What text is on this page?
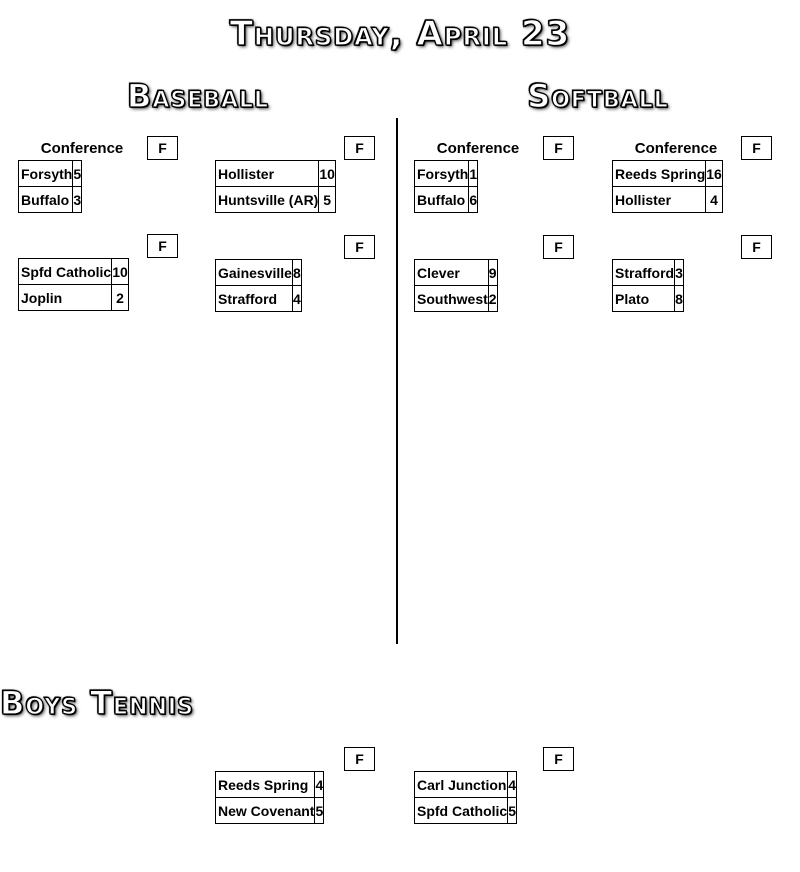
Thursday, April 23
Baseball	Softball
Boys Tennis
Conference	F
Forsyth	5
Buffalo	3
F
Hollister	10
Huntsville (AR)	5
F
Spfd Catholic	10
Joplin	2
F
Gainesville	8
Strafford	4
Conference	F
Forsyth	1
Buffalo	6
Conference	F
Reeds Spring	16
Hollister	4
F
Clever	9
Southwest	2
F
Strafford	3
Plato	8
F
Reeds Spring	4
New Covenant	5
F
Carl Junction	4
Spfd Catholic	5
